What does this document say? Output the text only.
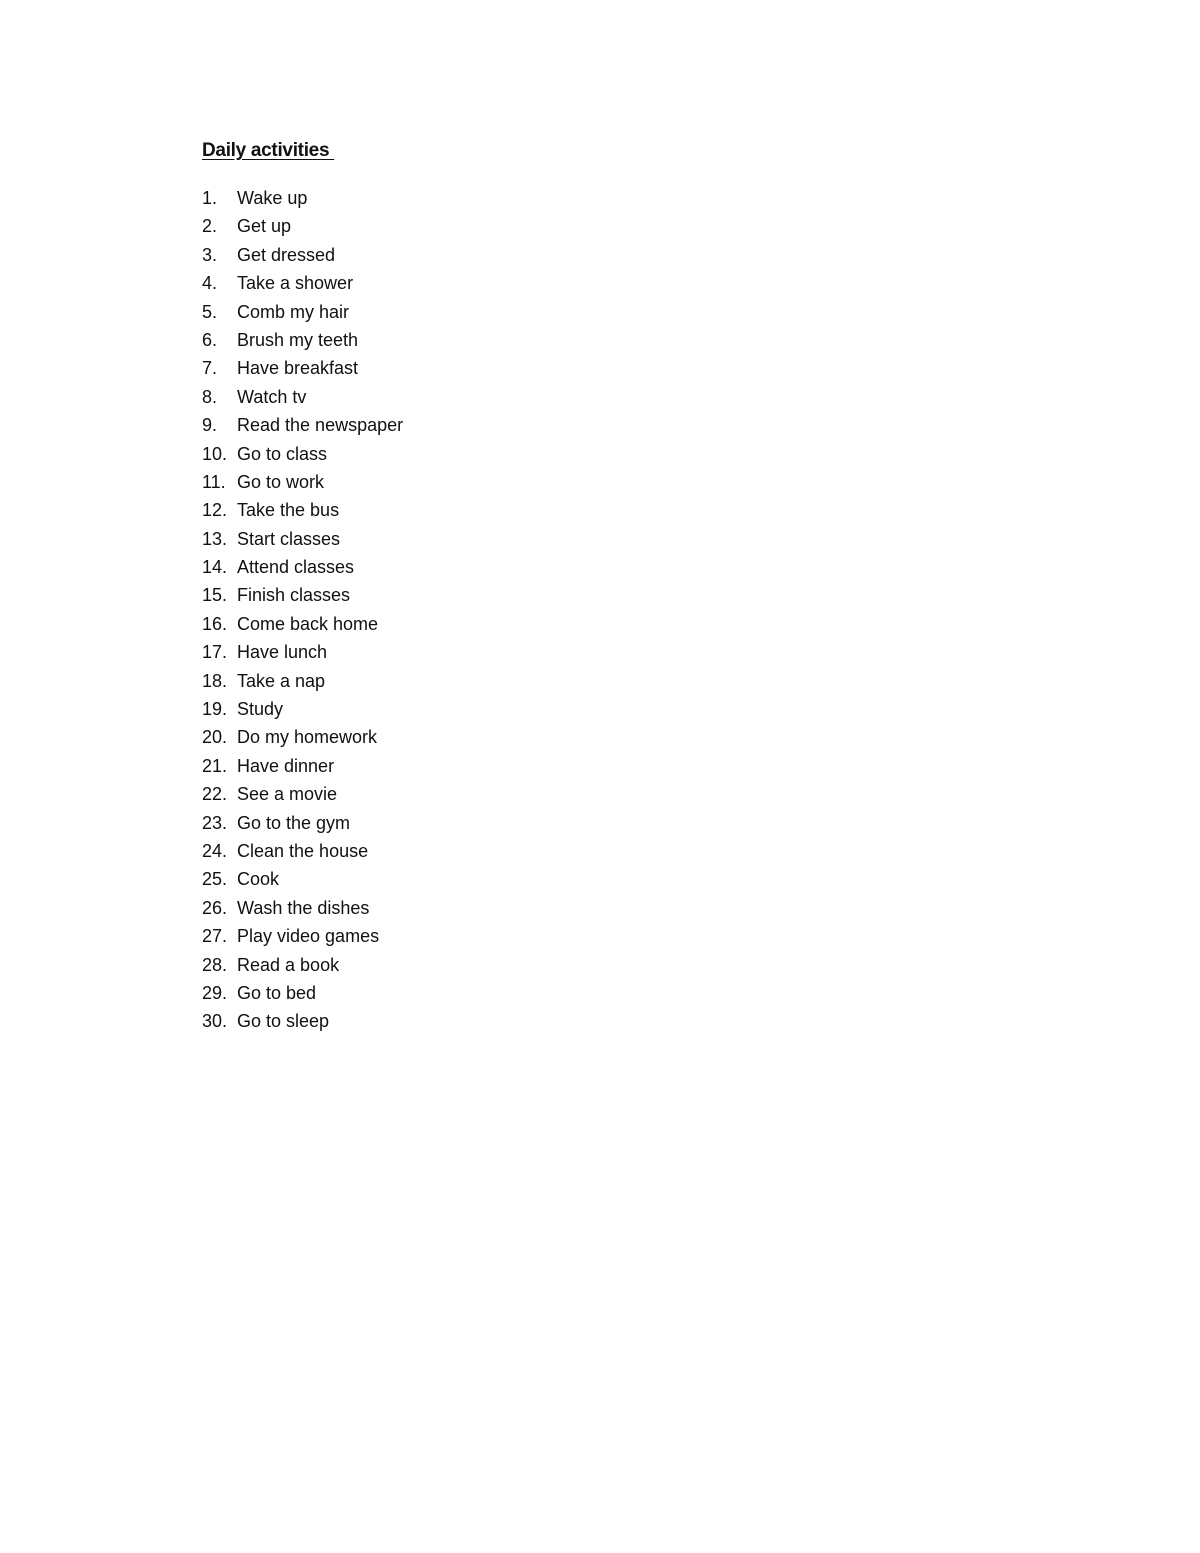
Daily activities
1.	Wake up
2.	Get up
3.	Get dressed
4.	Take a shower
5.	Comb my hair
6.	Brush my teeth
7.	Have breakfast
8.	Watch tv
9.	Read the newspaper
10. Go to class
11. Go to work
12. Take the bus
13. Start classes
14. Attend classes
15. Finish classes
16. Come back home
17. Have lunch
18. Take a nap
19. Study
20. Do my homework
21. Have dinner
22. See a movie
23. Go to the gym
24. Clean the house
25. Cook
26. Wash the dishes
27. Play video games
28. Read a book
29. Go to bed
30. Go to sleep
